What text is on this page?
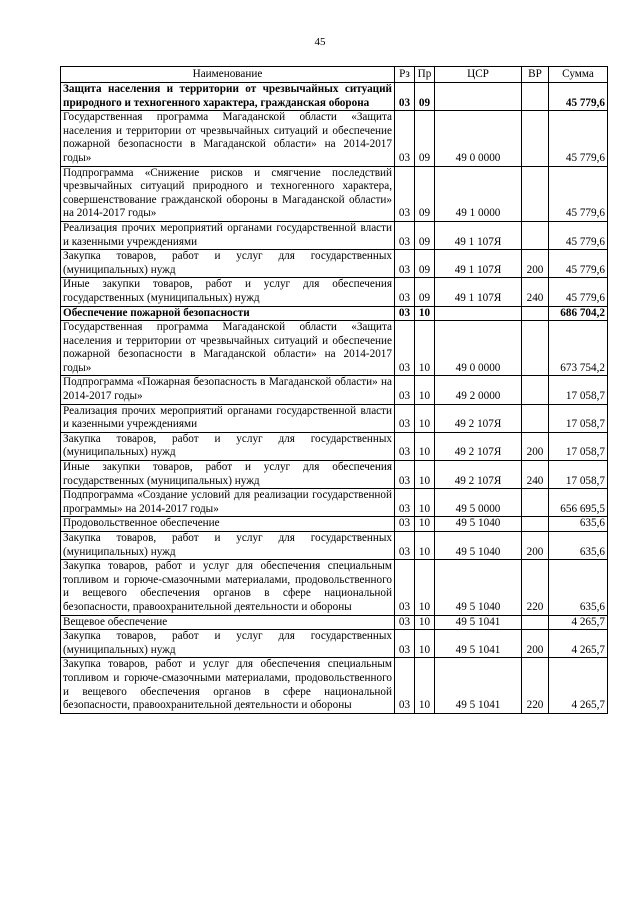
45
Наименование	Рз	Пр	ЦСР	ВР	Сумма
Защита населения и территории от чрезвычайных ситуаций природного и техногенного характера, гражданская оборона	03	09			45 779,6
Государственная программа Магаданской области «Защита населения и территории от чрезвычайных ситуаций и обеспечение пожарной безопасности в Магаданской области» на 2014-2017 годы»	03	09	49 0 0000		45 779,6
Подпрограмма «Снижение рисков и смягчение последствий чрезвычайных ситуаций природного и техногенного характера, совершенствование гражданской обороны в Магаданской области» на 2014-2017 годы»	03	09	49 1 0000		45 779,6
Реализация прочих мероприятий органами государственной власти и казенными учреждениями	03	09	49 1 107Я		45 779,6
Закупка товаров, работ и услуг для государственных (муниципальных) нужд	03	09	49 1 107Я	200	45 779,6
Иные закупки товаров, работ и услуг для обеспечения государственных (муниципальных) нужд	03	09	49 1 107Я	240	45 779,6
Обеспечение пожарной безопасности	03	10			686 704,2
Государственная программа Магаданской области «Защита населения и территории от чрезвычайных ситуаций и обеспечение пожарной безопасности в Магаданской области» на 2014-2017 годы»	03	10	49 0 0000		673 754,2
Подпрограмма «Пожарная безопасность в Магаданской области» на 2014-2017 годы»	03	10	49 2 0000		17 058,7
Реализация прочих мероприятий органами государственной власти и казенными учреждениями	03	10	49 2 107Я		17 058,7
Закупка товаров, работ и услуг для государственных (муниципальных) нужд	03	10	49 2 107Я	200	17 058,7
Иные закупки товаров, работ и услуг для обеспечения государственных (муниципальных) нужд	03	10	49 2 107Я	240	17 058,7
Подпрограмма «Создание условий для реализации государственной программы» на 2014-2017 годы»	03	10	49 5 0000		656 695,5
Продовольственное обеспечение	03	10	49 5 1040		635,6
Закупка товаров, работ и услуг для государственных (муниципальных) нужд	03	10	49 5 1040	200	635,6
Закупка товаров, работ и услуг для обеспечения специальным топливом и горюче-смазочными материалами, продовольственного и вещевого обеспечения органов в сфере национальной безопасности, правоохранительной деятельности и обороны	03	10	49 5 1040	220	635,6
Вещевое обеспечение	03	10	49 5 1041		4 265,7
Закупка товаров, работ и услуг для государственных (муниципальных) нужд	03	10	49 5 1041	200	4 265,7
Закупка товаров, работ и услуг для обеспечения специальным топливом и горюче-смазочными материалами, продовольственного и вещевого обеспечения органов в сфере национальной безопасности, правоохранительной деятельности и обороны	03	10	49 5 1041	220	4 265,7
